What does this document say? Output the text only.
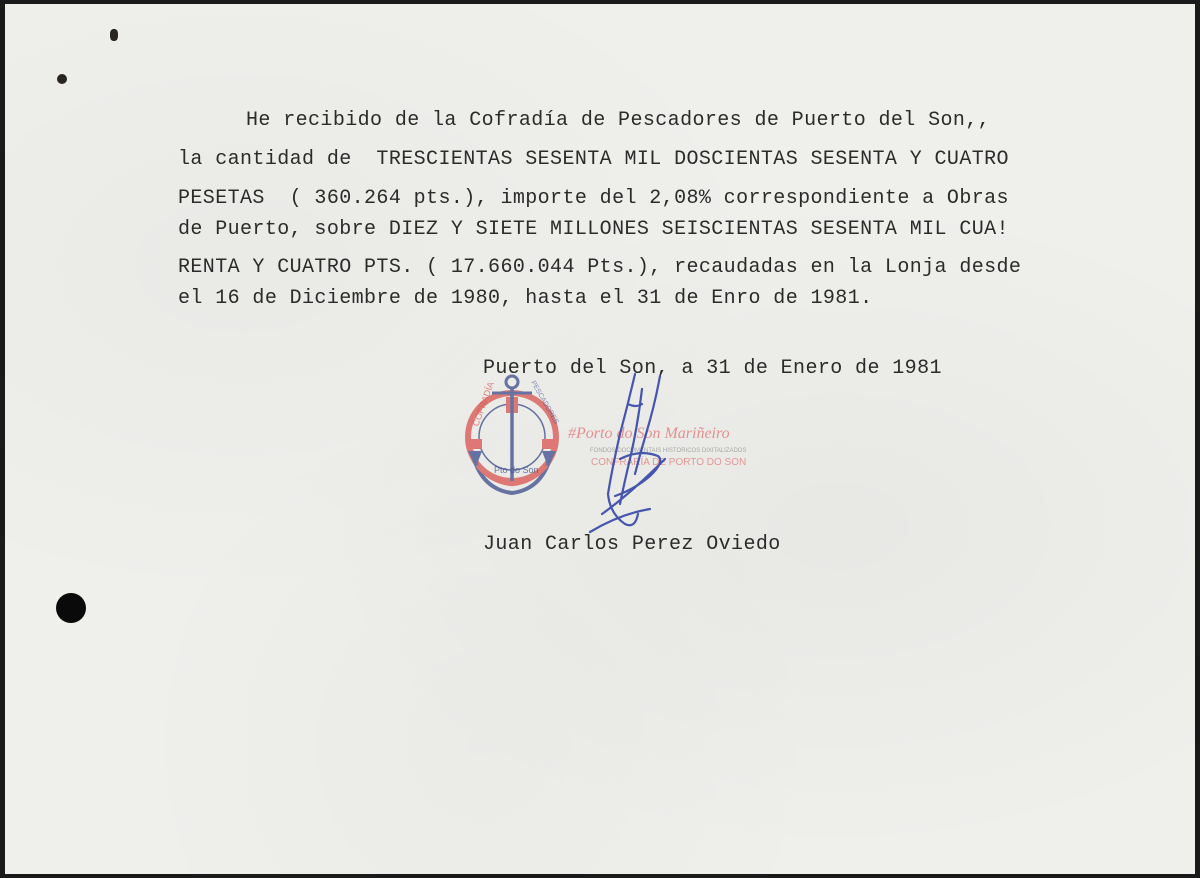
He recibido de la Cofradía de Pescadores de Puerto del Son,,
la cantidad de  TRESCIENTAS SESENTA MIL DOSCIENTAS SESENTA Y CUATRO
PESETAS  ( 360.264 pts.), importe del 2,08% correspondiente a Obras
de Puerto, sobre DIEZ Y SIETE MILLONES SEISCIENTAS SESENTA MIL CUA!
RENTA Y CUATRO PTS. ( 17.660.044 Pts.), recaudadas en la Lonja desde
el 16 de Diciembre de 1980, hasta el 31 de Enro de 1981.
Puerto del Son, a 31 de Enero de 1981
COFRADÍA	PESCADORES
Pto do Son
#Porto do Son Mariñeiro
FONDOS DOCUMENTAIS HISTÓRICOS DIXITALIZADOS
CONFRARÍA DE PORTO DO SON
Juan Carlos Perez Oviedo
